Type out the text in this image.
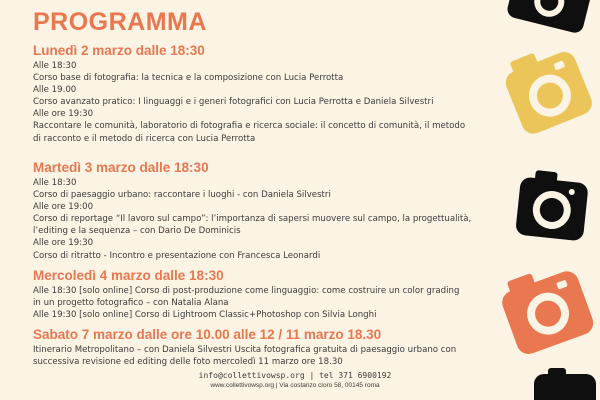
PROGRAMMA
Lunedì 2 marzo dalle 18:30
Alle 18:30
Corso base di fotografia: la tecnica e la composizione con Lucia Perrotta
Alle 19.00
Corso avanzato pratico: I linguaggi e i generi fotografici con Lucia Perrotta e Daniela Silvestri
Alle ore 19:30
Raccontare le comunità, laboratorio di fotografia e ricerca sociale: il concetto di comunità, il metodo
di racconto e il metodo di ricerca con Lucia Perrotta
Martedì 3 marzo dalle 18:30
Alle 18:30
Corso di paesaggio urbano: raccontare i luoghi - con Daniela Silvestri
Alle ore 19:00
Corso di reportage “Il lavoro sul campo”: l’importanza di sapersi muovere sul campo, la progettualità,
l’editing e la sequenza – con Dario De Dominicis
Alle ore 19:30
Corso di ritratto - Incontro e presentazione con Francesca Leonardi
Mercoledì 4 marzo dalle 18:30
Alle 18:30 [solo online] Corso di post-produzione come linguaggio: come costruire un color grading
in un progetto fotografico – con Natalia Alana
Alle 19:30 [solo online] Corso di Lightroom Classic+Photoshop con Silvia Longhi
Sabato 7 marzo dalle ore 10.00 alle 12 / 11 marzo 18.30
Itinerario Metropolitano – con Daniela Silvestri Uscita fotografica gratuita di paesaggio urbano con
successiva revisione ed editing delle foto mercoledì 11 marzo ore 18.30
info@collettivowsp.org | tel 371 6900192
www.collettivowsp.org | Via costanzo cloro 58, 00145 roma
